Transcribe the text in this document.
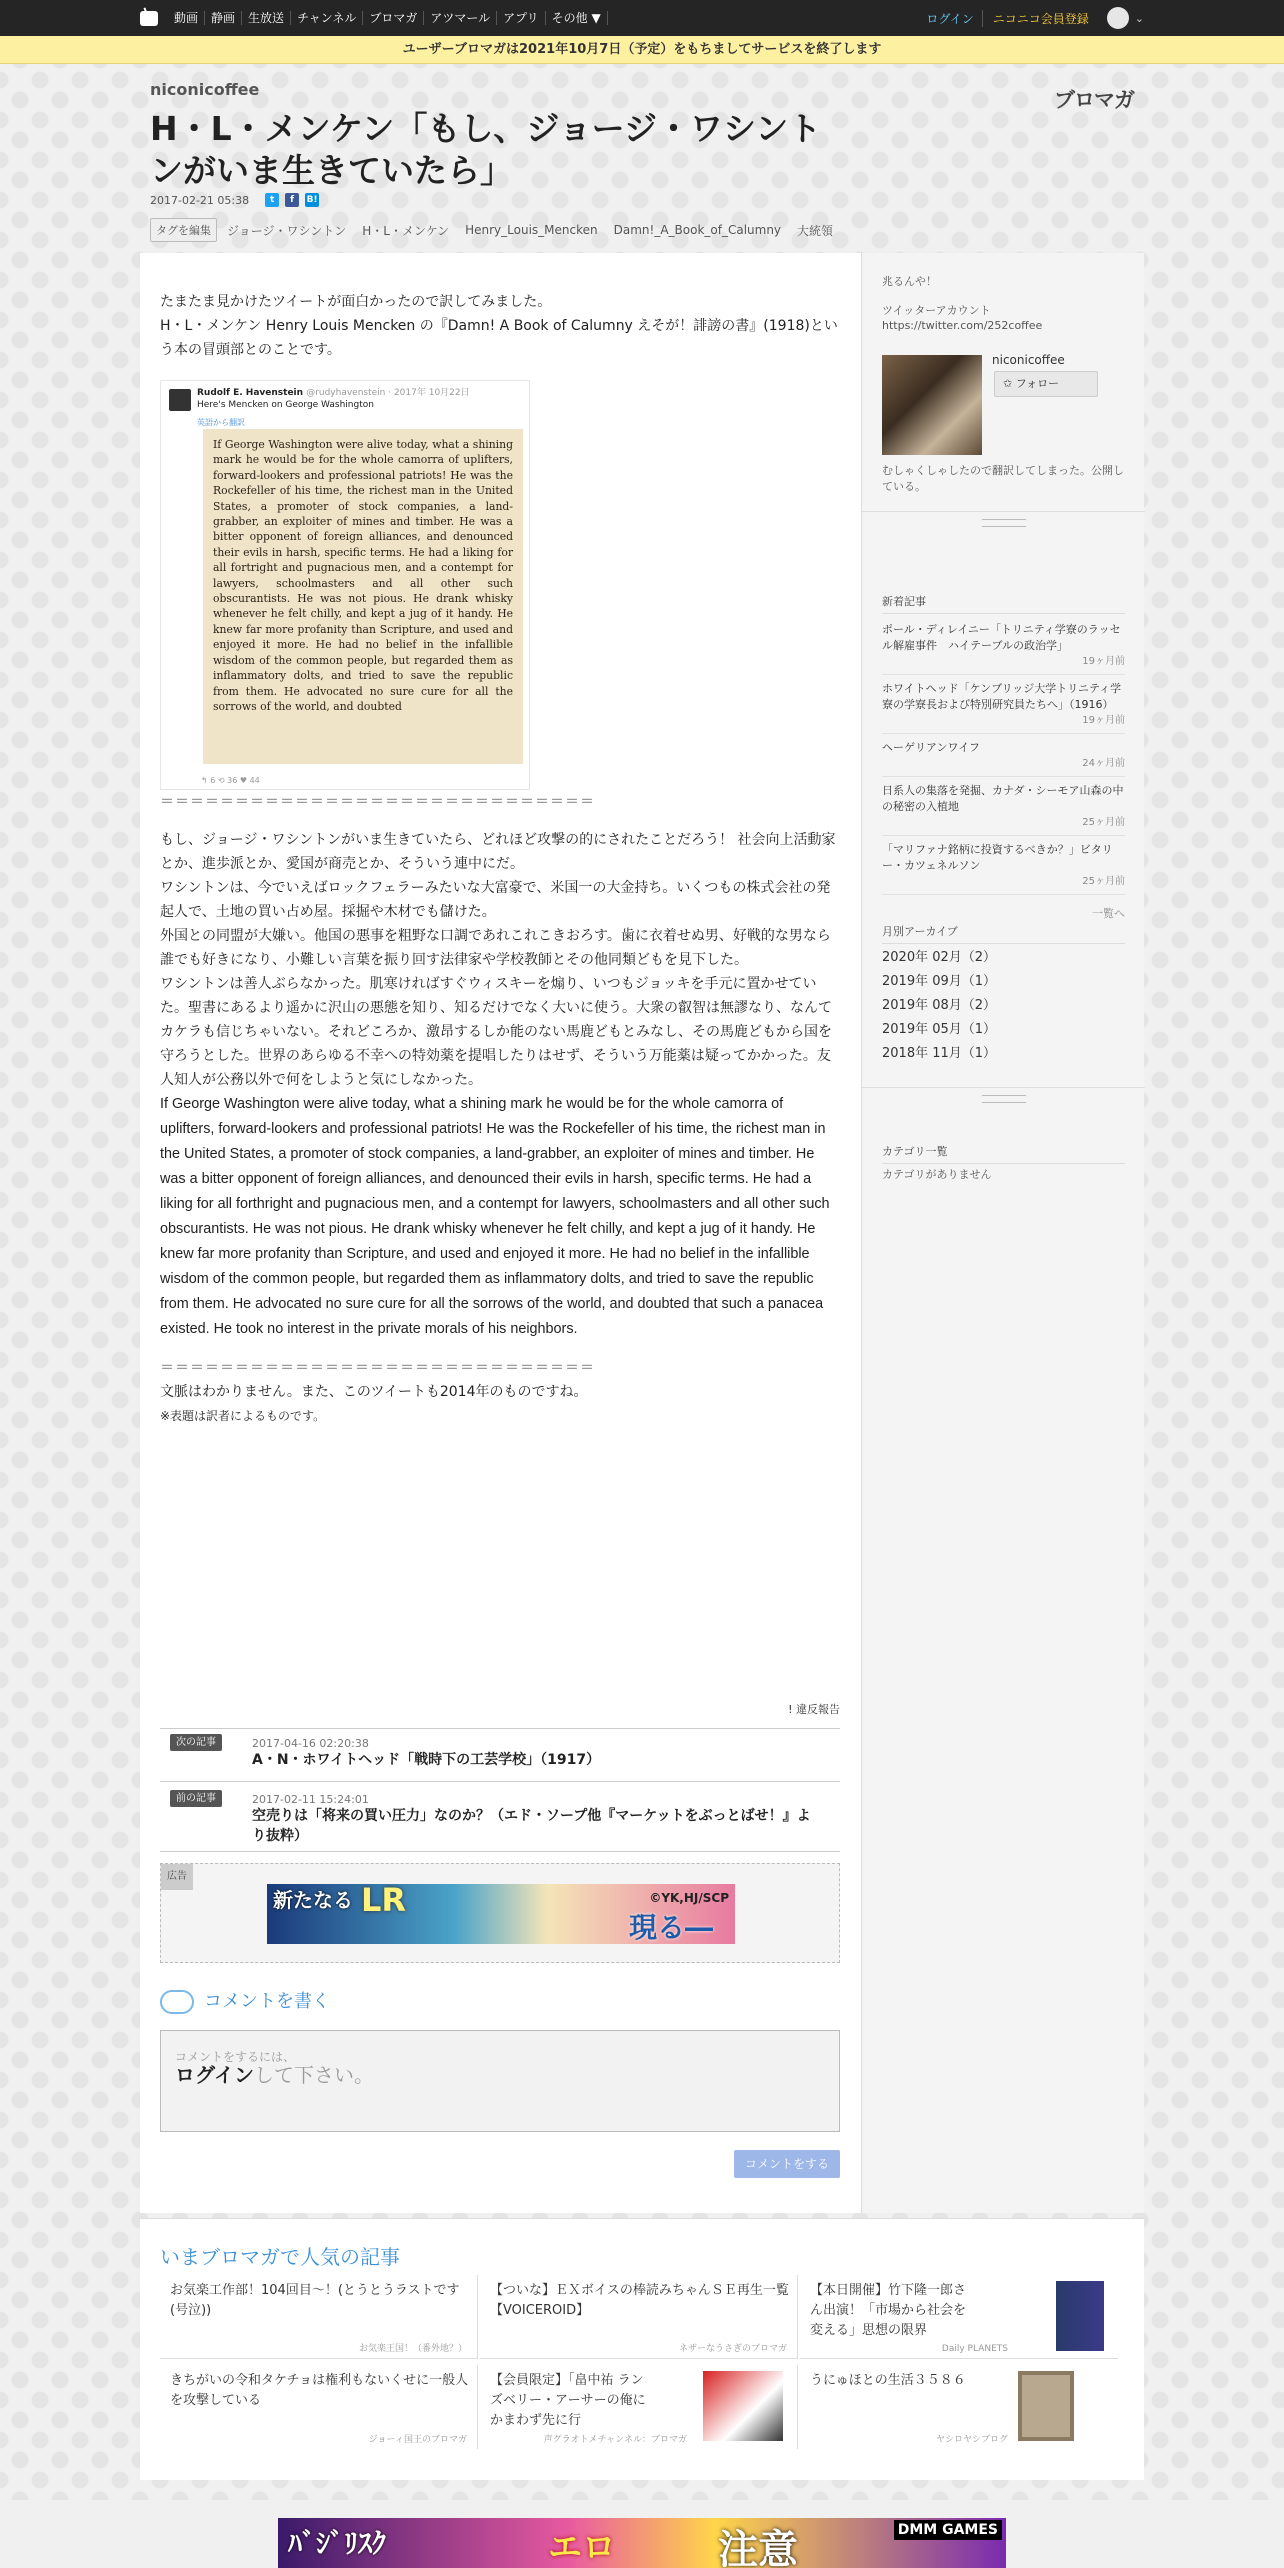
動画	静画	生放送	チャンネル	ブロマガ	アツマール	アプリ	その他 ▼	ログイン	ニコニコ会員登録	⌄
ユーザーブロマガは2021年10月7日（予定）をもちましてサービスを終了します
niconicoffee	ブロマガ
H・L・メンケン「もし、ジョージ・ワシントンがいま生きていたら」
2017-02-21 05:38	t	f	B!
タグを編集	ジョージ・ワシントン H・L・メンケン Henry_Louis_Mencken Damn!_A_Book_of_Calumny 大統領

たまたま見かけたツイートが面白かったので訳してみました。

H・L・メンケン Henry Louis Mencken の『Damn! A Book of Calumny えそが！誹謗の書』(1918)という本の冒頭部とのことです。

Rudolf E. Havenstein @rudyhavenstein · 2017年 10月22日
Here's Mencken on George Washington
英語から翻訳
If George Washington were alive today, what a shining mark he would be for the whole camorra of uplifters, forward-lookers and professional patriots! He was the Rockefeller of his time, the richest man in the United States, a promoter of stock companies, a land-grabber, an exploiter of mines and timber. He was a bitter opponent of foreign alliances, and denounced their evils in harsh, specific terms. He had a liking for all fortright and pugnacious men, and a contempt for lawyers, schoolmasters and all other such obscurantists. He was not pious. He drank whisky whenever he felt chilly, and kept a jug of it handy. He knew far more profanity than Scripture, and used and enjoyed it more. He had no belief in the infallible wisdom of the common people, but regarded them as inflammatory dolts, and tried to save the republic from them. He advocated no sure cure for all the sorrows of the world, and doubted
↰ 6 ⟲ 36 ♥ 44

＝＝＝＝＝＝＝＝＝＝＝＝＝＝＝＝＝＝＝＝＝＝＝＝＝＝＝＝＝

もし、ジョージ・ワシントンがいま生きていたら、どれほど攻撃の的にされたことだろう！ 社会向上活動家とか、進歩派とか、愛国が商売とか、そういう連中にだ。

ワシントンは、今でいえばロックフェラーみたいな大富豪で、米国一の大金持ち。いくつもの株式会社の発起人で、土地の買い占め屋。採掘や木材でも儲けた。

外国との同盟が大嫌い。他国の悪事を粗野な口調であれこれこきおろす。歯に衣着せぬ男、好戦的な男なら誰でも好きになり、小難しい言葉を振り回す法律家や学校教師とその他同類どもを見下した。

ワシントンは善人ぶらなかった。肌寒ければすぐウィスキーを煽り、いつもジョッキを手元に置かせていた。聖書にあるより遥かに沢山の悪態を知り、知るだけでなく大いに使う。大衆の叡智は無謬なり、なんてカケラも信じちゃいない。それどころか、激昂するしか能のない馬鹿どもとみなし、その馬鹿どもから国を守ろうとした。世界のあらゆる不幸への特効薬を提唱したりはせず、そういう万能薬は疑ってかかった。友人知人が公務以外で何をしようと気にしなかった。

If George Washington were alive today, what a shining mark he would be for the whole camorra of uplifters, forward-lookers and professional patriots! He was the Rockefeller of his time, the richest man in the United States, a promoter of stock companies, a land-grabber, an exploiter of mines and timber. He was a bitter opponent of foreign alliances, and denounced their evils in harsh, specific terms. He had a liking for all forthright and pugnacious men, and a contempt for lawyers, schoolmasters and all other such obscurantists. He was not pious. He drank whisky whenever he felt chilly, and kept a jug of it handy. He knew far more profanity than Scripture, and used and enjoyed it more. He had no belief in the infallible wisdom of the common people, but regarded them as inflammatory dolts, and tried to save the republic from them. He advocated no sure cure for all the sorrows of the world, and doubted that such a panacea existed. He took no interest in the private morals of his neighbors.

＝＝＝＝＝＝＝＝＝＝＝＝＝＝＝＝＝＝＝＝＝＝＝＝＝＝＝＝＝

文脈はわかりません。また、このツイートも2014年のものですね。

※表題は訳者によるものです。

! 違反報告
次の記事	2017-04-16 02:20:38
A・N・ホワイトヘッド「戦時下の工芸学校」（1917）
前の記事	2017-02-11 15:24:01
空売りは「将来の買い圧力」なのか？（エド・ソープ他『マーケットをぶっとばせ！』より抜粋）
広告
新たなる LR	©YK,HJ/SCP
現る―
コメントを書く
コメントをするには、
ログインして下さい。
コメントをする
兆るんや！
ツイッターアカウント https://twitter.com/252coffee
niconicoffee
✩ フォロー
むしゃくしゃしたので翻訳してしまった。公開している。
新着記事
ポール・ディレイニー「トリニティ学寮のラッセル解雇事件　ハイテーブルの政治学」
19ヶ月前
ホワイトヘッド「ケンブリッジ大学トリニティ学寮の学寮長および特別研究員たちへ」（1916）
19ヶ月前
ヘーゲリアンワイフ
24ヶ月前
日系人の集落を発掘、カナダ・シーモア山森の中の秘密の入植地
25ヶ月前
「マリファナ銘柄に投資するべきか？」ビタリー・カツェネルソン
25ヶ月前
一覧へ
月別アーカイブ
2020年 02月（2）
2019年 09月（1）
2019年 08月（2）
2019年 05月（1）
2018年 11月（1）
カテゴリ一覧
カテゴリがありません
いまブロマガで人気の記事
お気楽工作部！104回目～！(とうとうラストです(号泣))
お気楽王国！（番外地？）
【ついな】ＥＸボイスの棒読みちゃんＳＥ再生一覧【VOICEROID】
ネザーなうさぎのブロマガ
【本日開催】竹下隆一郎さん出演！「市場から社会を変える」思想の限界
Daily PLANETS
きちがいの令和タケチョは権利もないくせに一般人を攻撃している
ジョーィ国王のブロマガ
【会員限定】「畠中祐 ランズベリー・アーサーの俺にかまわず先に行
声グラオトメチャンネル：ブロマガ
うにゅほとの生活３５８６
ヤシロヤシブログ
ﾊﾞｼﾞﾘｽｸ	エロ	注意	DMM GAMES
